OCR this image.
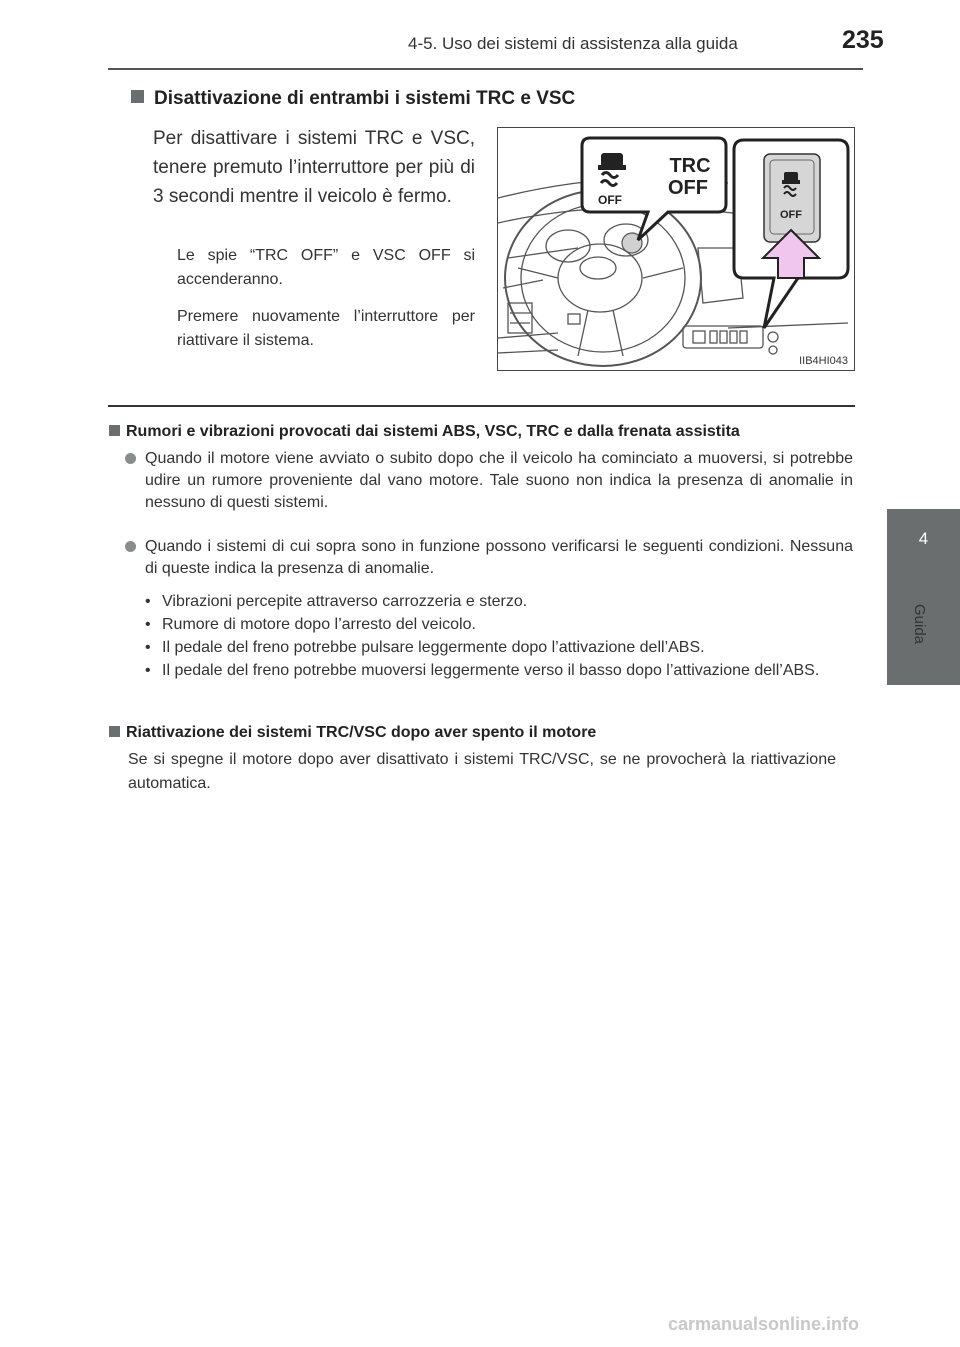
4-5. Uso dei sistemi di assistenza alla guida	235
4
Guida
Disattivazione di entrambi i sistemi TRC e VSC
Per disattivare i sistemi TRC e VSC, tenere premuto l’interruttore per più di 3 secondi mentre il veicolo è fermo.
Le spie “TRC OFF” e VSC OFF si accenderanno.
Premere nuovamente l’interruttore per riattivare il sistema.
OFF
TRC
OFF
OFF
IIB4HI043
Rumori e vibrazioni provocati dai sistemi ABS, VSC, TRC e dalla frenata assistita
Quando il motore viene avviato o subito dopo che il veicolo ha cominciato a muoversi, si potrebbe udire un rumore proveniente dal vano motore. Tale suono non indica la presenza di anomalie in nessuno di questi sistemi.
Quando i sistemi di cui sopra sono in funzione possono verificarsi le seguenti condizioni. Nessuna di queste indica la presenza di anomalie.
• Vibrazioni percepite attraverso carrozzeria e sterzo.
• Rumore di motore dopo l’arresto del veicolo.
• Il pedale del freno potrebbe pulsare leggermente dopo l’attivazione dell’ABS.
• Il pedale del freno potrebbe muoversi leggermente verso il basso dopo l’attivazione dell’ABS.
Riattivazione dei sistemi TRC/VSC dopo aver spento il motore
Se si spegne il motore dopo aver disattivato i sistemi TRC/VSC, se ne provocherà la riattivazione automatica.
carmanualsonline.info
